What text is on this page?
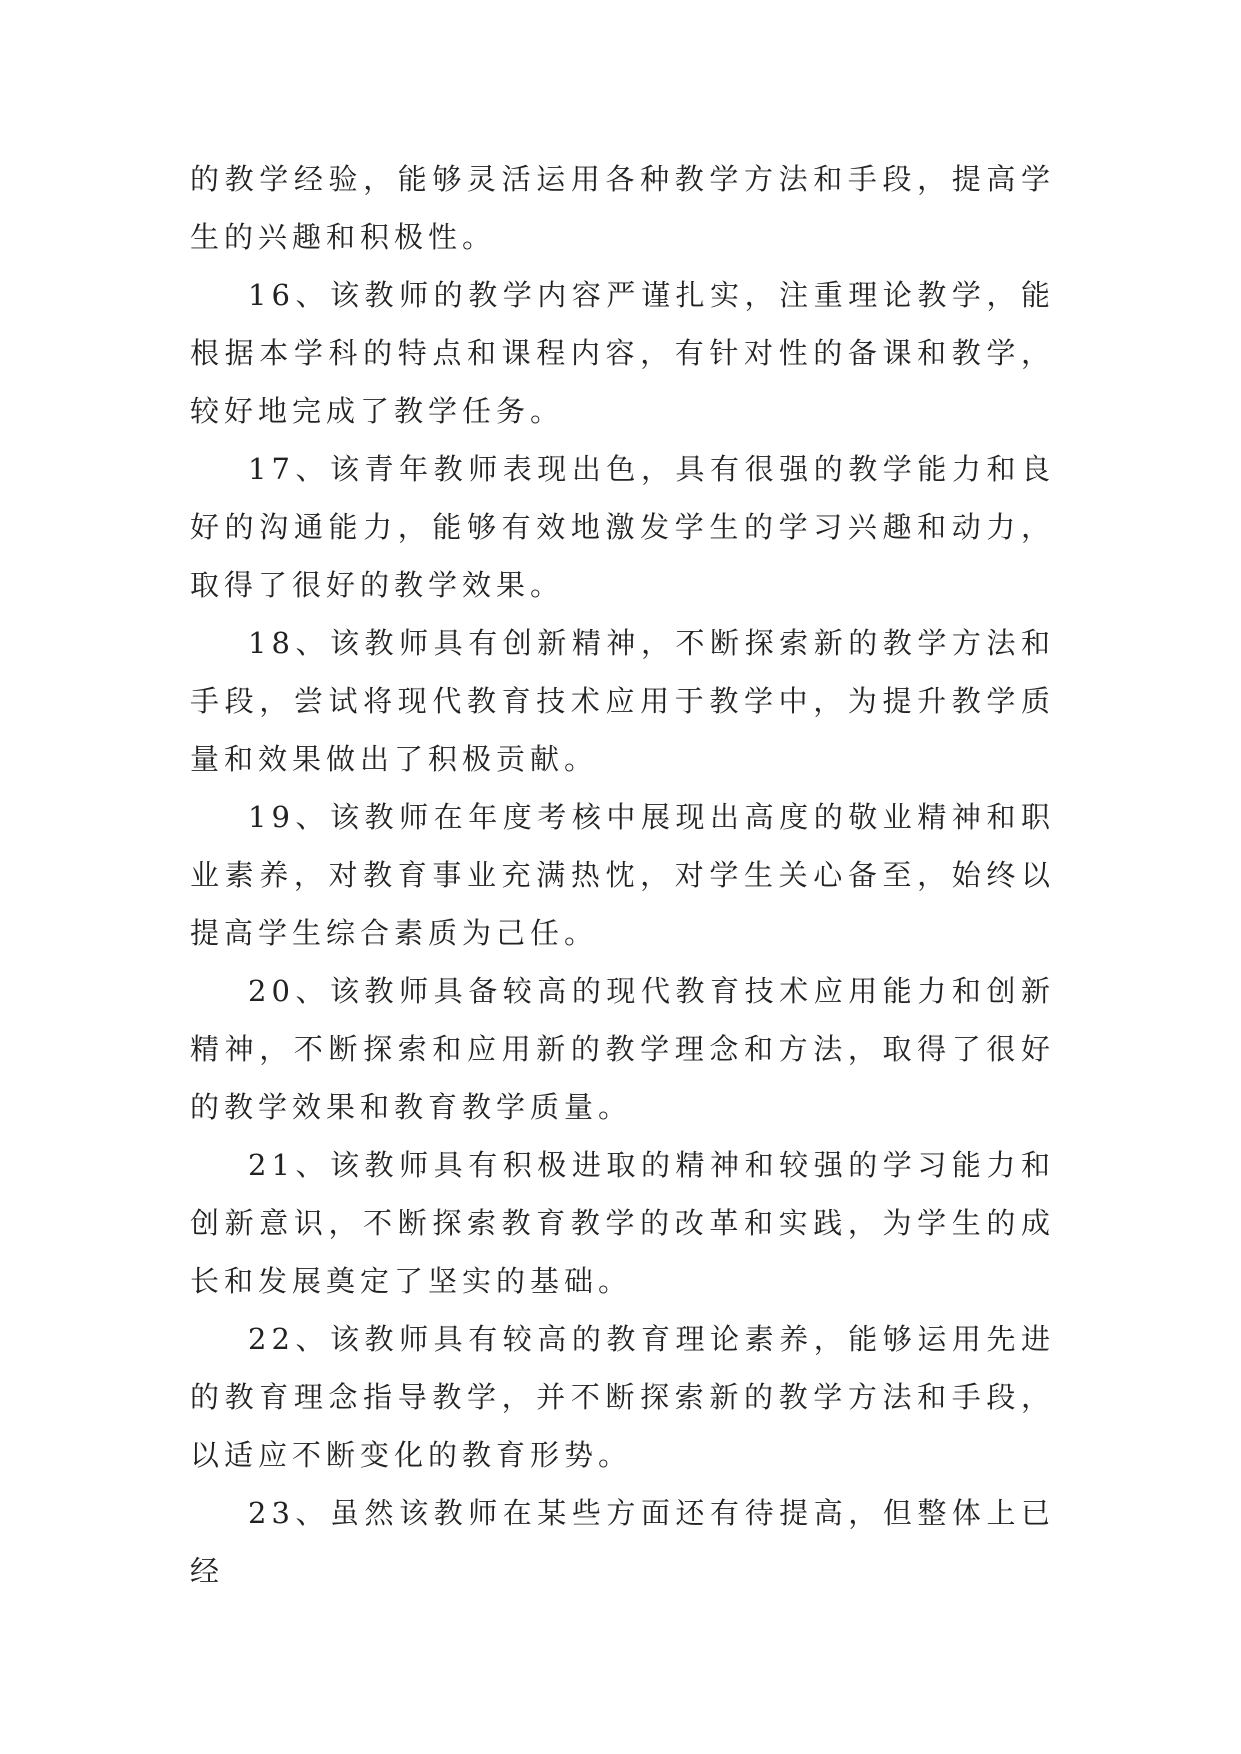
的教学经验，能够灵活运用各种教学方法和手段，提高学生的兴趣和积极性。

16、该教师的教学内容严谨扎实，注重理论教学，能根据本学科的特点和课程内容，有针对性的备课和教学，较好地完成了教学任务。

17、该青年教师表现出色，具有很强的教学能力和良好的沟通能力，能够有效地激发学生的学习兴趣和动力，取得了很好的教学效果。

18、该教师具有创新精神，不断探索新的教学方法和手段，尝试将现代教育技术应用于教学中，为提升教学质量和效果做出了积极贡献。

19、该教师在年度考核中展现出高度的敬业精神和职业素养，对教育事业充满热忱，对学生关心备至，始终以提高学生综合素质为己任。

20、该教师具备较高的现代教育技术应用能力和创新精神，不断探索和应用新的教学理念和方法，取得了很好的教学效果和教育教学质量。

21、该教师具有积极进取的精神和较强的学习能力和创新意识，不断探索教育教学的改革和实践，为学生的成长和发展奠定了坚实的基础。

22、该教师具有较高的教育理论素养，能够运用先进的教育理念指导教学，并不断探索新的教学方法和手段，以适应不断变化的教育形势。

23、虽然该教师在某些方面还有待提高，但整体上已经
